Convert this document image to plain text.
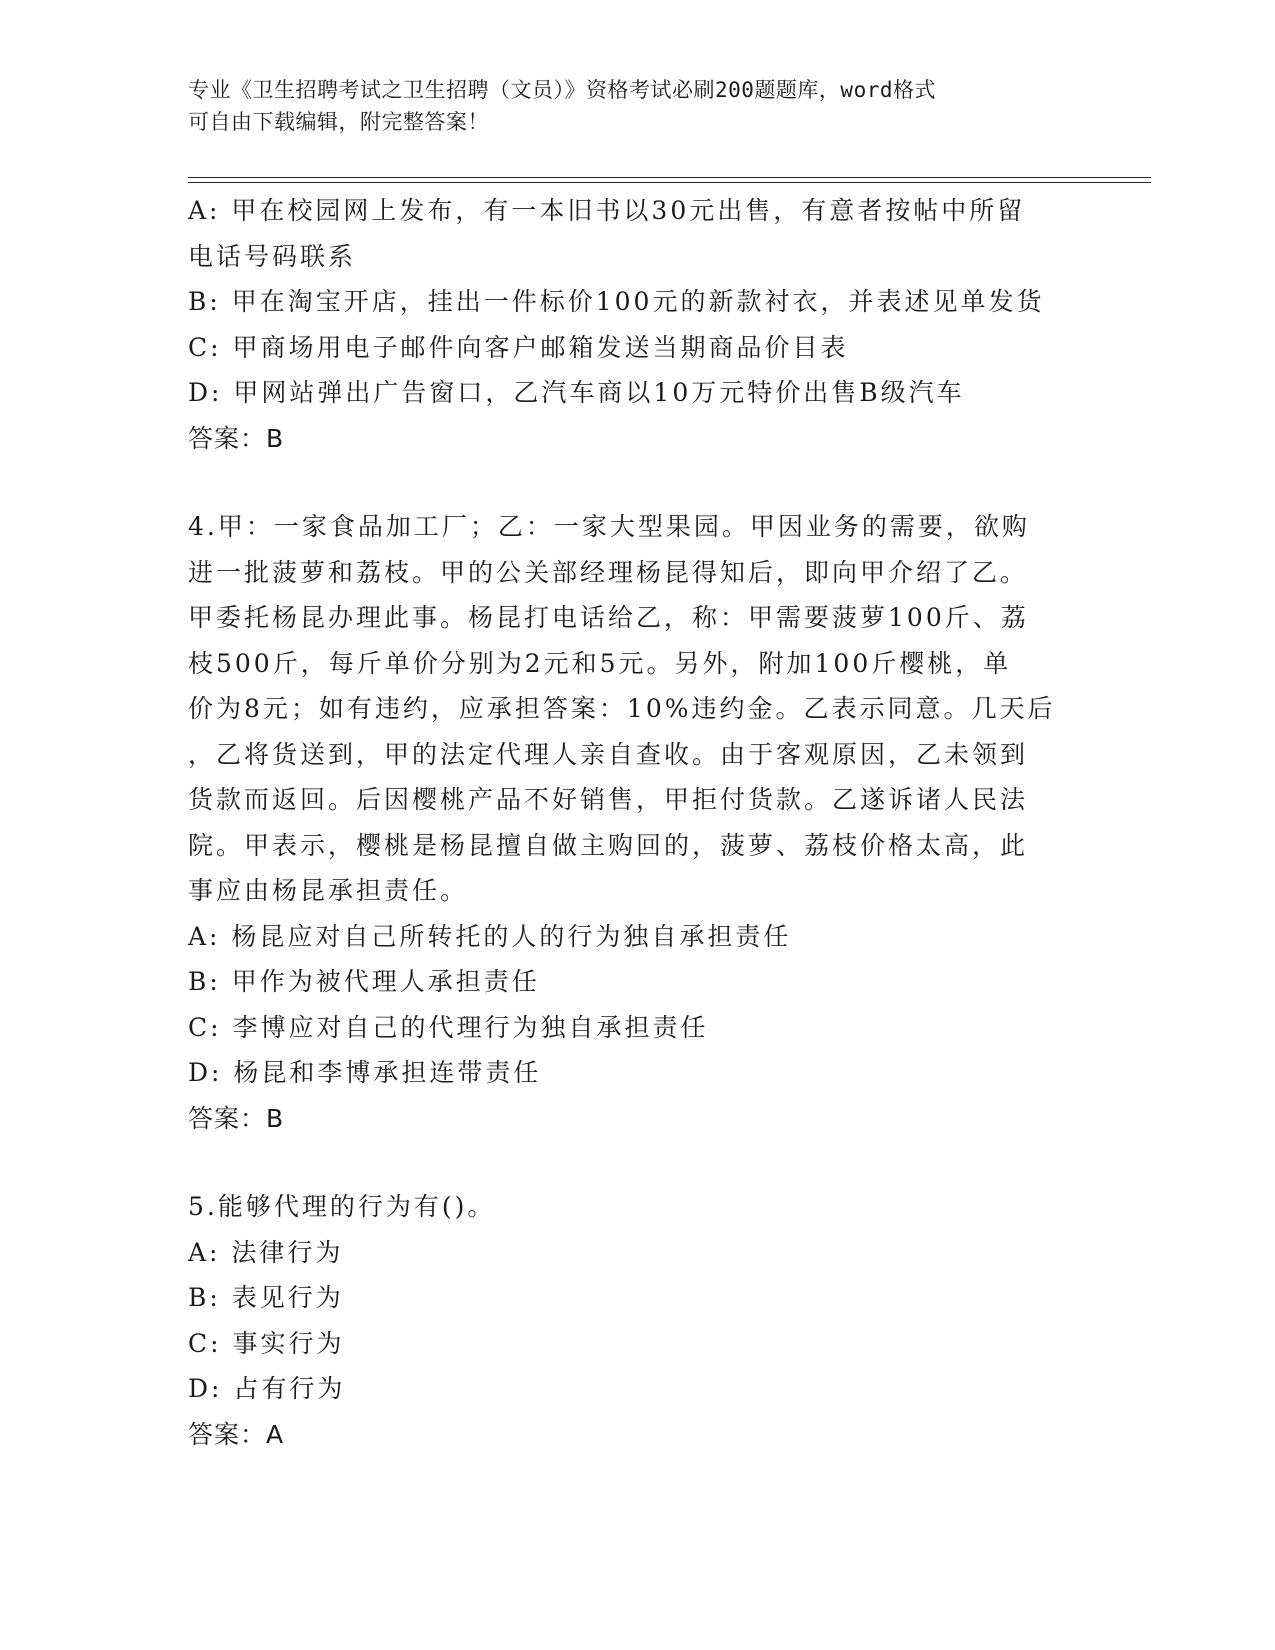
专业《卫生招聘考试之卫生招聘（文员）》资格考试必刷200题题库，word格式
可自由下载编辑，附完整答案！
A: 甲在校园网上发布，有一本旧书以30元出售，有意者按帖中所留
电话号码联系
B: 甲在淘宝开店，挂出一件标价100元的新款衬衣，并表述见单发货
C: 甲商场用电子邮件向客户邮箱发送当期商品价目表
D: 甲网站弹出广告窗口，乙汽车商以10万元特价出售B级汽车
答案：B
4.甲：一家食品加工厂；乙：一家大型果园。甲因业务的需要，欲购
进一批菠萝和荔枝。甲的公关部经理杨昆得知后，即向甲介绍了乙。
甲委托杨昆办理此事。杨昆打电话给乙，称：甲需要菠萝100斤、荔
枝500斤，每斤单价分别为2元和5元。另外，附加100斤樱桃，单
价为8元；如有违约，应承担答案：10%违约金。乙表示同意。几天后
，乙将货送到，甲的法定代理人亲自查收。由于客观原因，乙未领到
货款而返回。后因樱桃产品不好销售，甲拒付货款。乙遂诉诸人民法
院。甲表示，樱桃是杨昆擅自做主购回的，菠萝、荔枝价格太高，此
事应由杨昆承担责任。
A: 杨昆应对自己所转托的人的行为独自承担责任
B: 甲作为被代理人承担责任
C: 李博应对自己的代理行为独自承担责任
D: 杨昆和李博承担连带责任
答案：B
5.能够代理的行为有()。
A: 法律行为
B: 表见行为
C: 事实行为
D: 占有行为
答案：A
